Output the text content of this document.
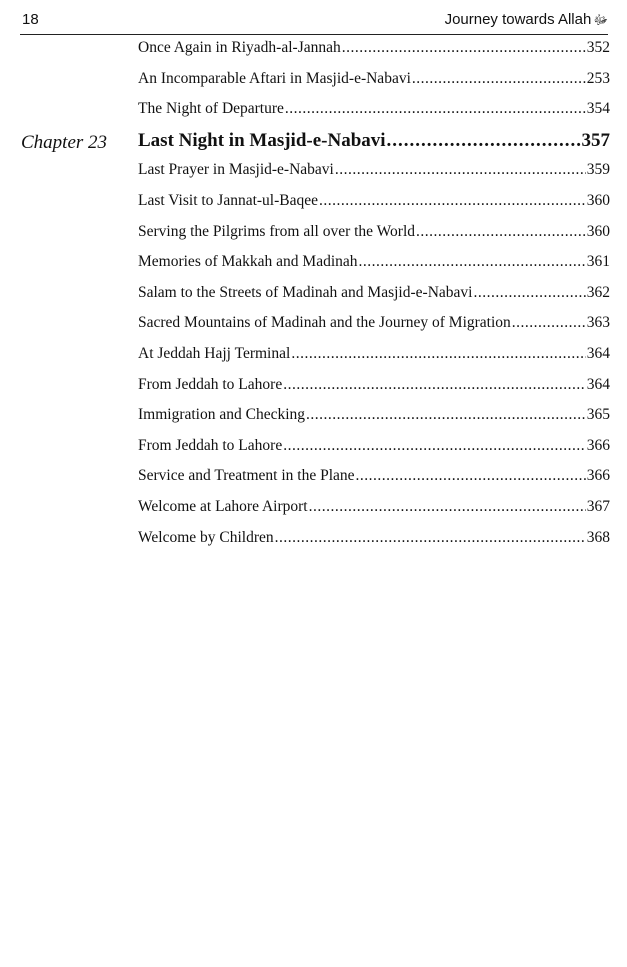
18	Journey towards Allah ﷻ
Once Again in Riyadh-al-Jannah .....	352
An Incomparable Aftari in Masjid-e-Nabavi .....	253
The Night of Departure .....	354
Chapter 23 Last Night in Masjid-e-Nabavi .....	357
Last Prayer in Masjid-e-Nabavi .....	359
Last Visit to Jannat-ul-Baqee .....	360
Serving the Pilgrims from all over the World .....	360
Memories of Makkah and Madinah .....	361
Salam to the Streets of Madinah and Masjid-e-Nabavi .....	362
Sacred Mountains of Madinah and the Journey of Migration .....	363
At Jeddah Hajj Terminal .....	364
From Jeddah to Lahore .....	364
Immigration and Checking .....	365
From Jeddah to Lahore .....	366
Service and Treatment in the Plane .....	366
Welcome at Lahore Airport .....	367
Welcome by Children .....	368
